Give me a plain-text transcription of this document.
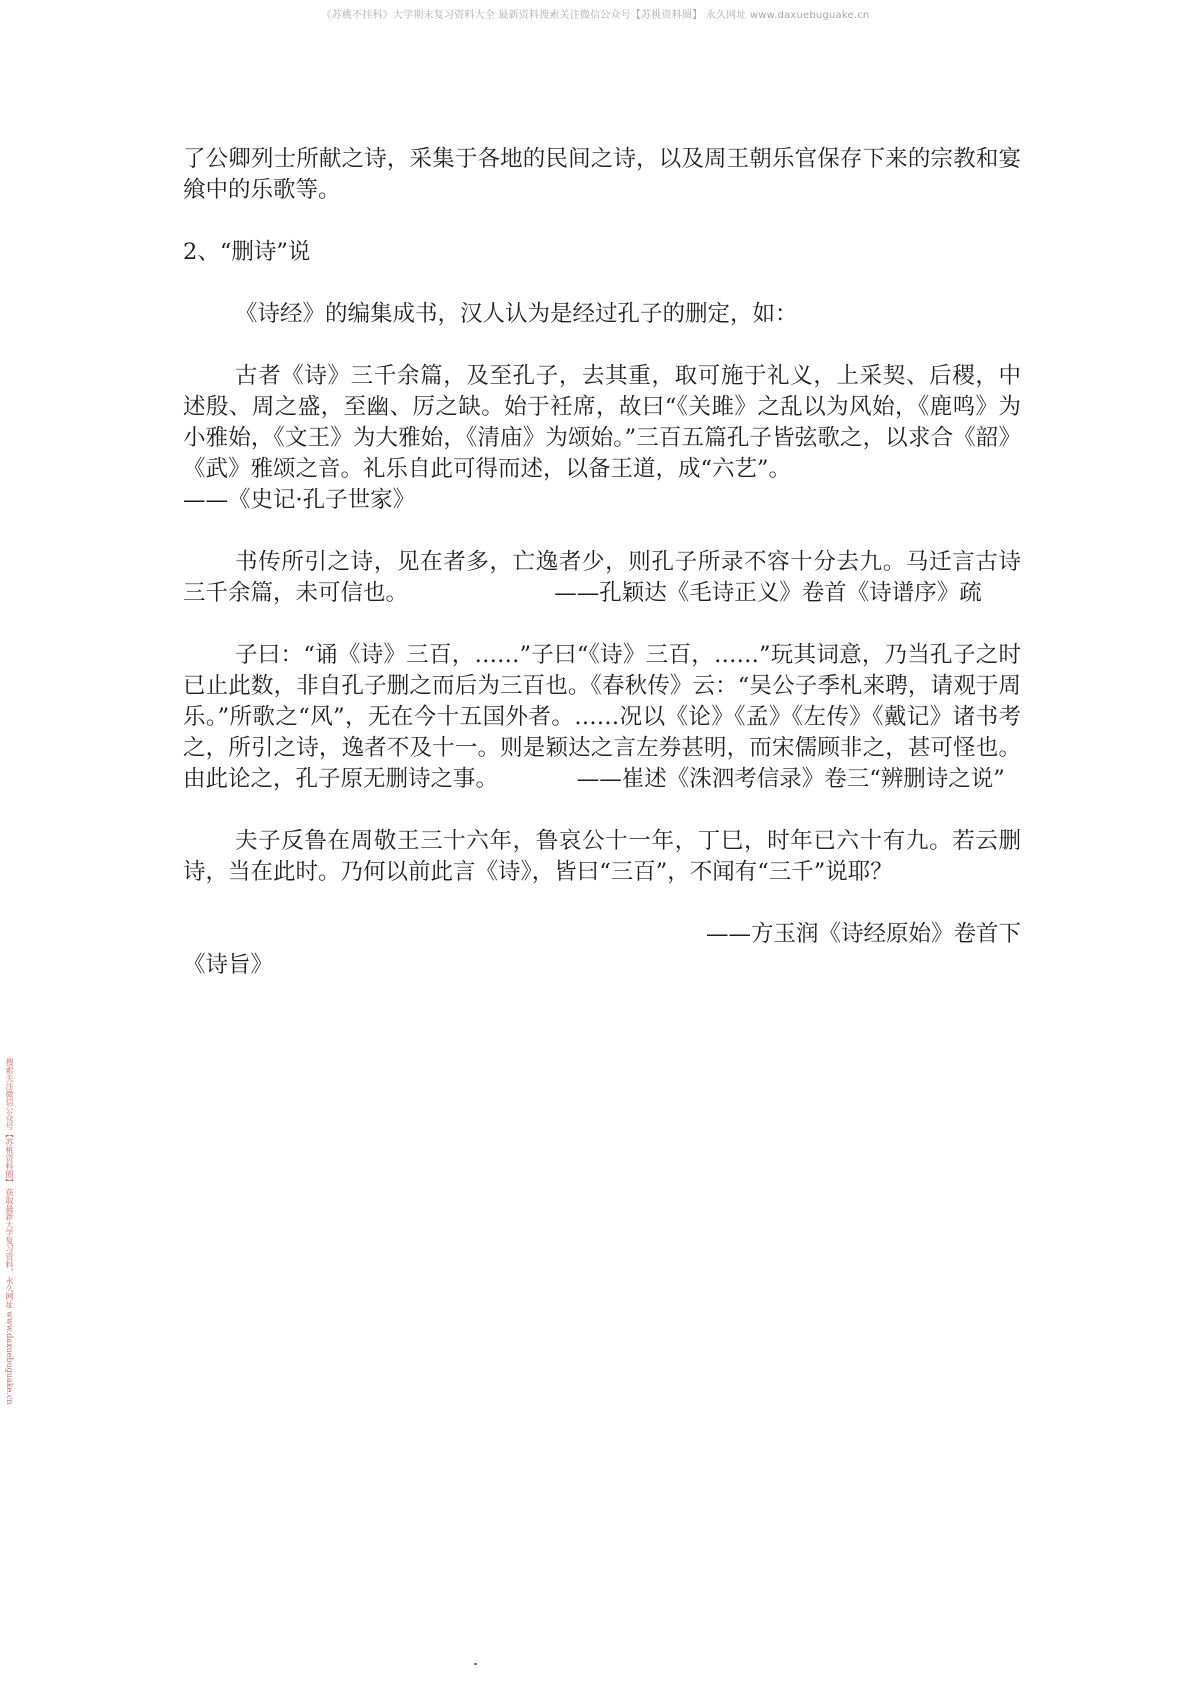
《苏桃不挂科》大学期末复习资料大全 最新资料搜索关注微信公众号【苏桃资料圈】 永久网址 www.daxuebuguake.cn
搜索关注微信公众号【苏桃资料圈】 获取最新大学复习资料，永久网址 www.daxuebuguake.cn

了公卿列士所献之诗，采集于各地的民间之诗，以及周王朝乐官保存下来的宗教和宴飨中的乐歌等。

2、“删诗”说

《诗经》的编集成书，汉人认为是经过孔子的删定，如：

古者《诗》三千余篇，及至孔子，去其重，取可施于礼义，上采契、后稷，中述殷、周之盛，至幽、厉之缺。始于衽席，故曰“《关雎》之乱以为风始，《鹿鸣》为小雅始，《文王》为大雅始，《清庙》为颂始。”三百五篇孔子皆弦歌之，以求合《韶》《武》雅颂之音。礼乐自此可得而述，以备王道，成“六艺”。

——《史记·孔子世家》

书传所引之诗，见在者多，亡逸者少，则孔子所录不容十分去九。马迁言古诗三千余篇，未可信也。　　　　　　　——孔颖达《毛诗正义》卷首《诗谱序》疏

子曰：“诵《诗》三百，……”子曰“《诗》三百，……”玩其词意，乃当孔子之时已止此数，非自孔子删之而后为三百也。《春秋传》云：“吴公子季札来聘，请观于周乐。”所歌之“风”，无在今十五国外者。……况以《论》《孟》《左传》《戴记》诸书考之，所引之诗，逸者不及十一。则是颖达之言左券甚明，而宋儒顾非之，甚可怪也。由此论之，孔子原无删诗之事。　　　　——崔述《洙泗考信录》卷三“辨删诗之说”

夫子反鲁在周敬王三十六年，鲁哀公十一年，丁巳，时年已六十有九。若云删诗，当在此时。乃何以前此言《诗》，皆曰“三百”，不闻有“三千”说耶？

——方玉润《诗经原始》卷首下

《诗旨》
